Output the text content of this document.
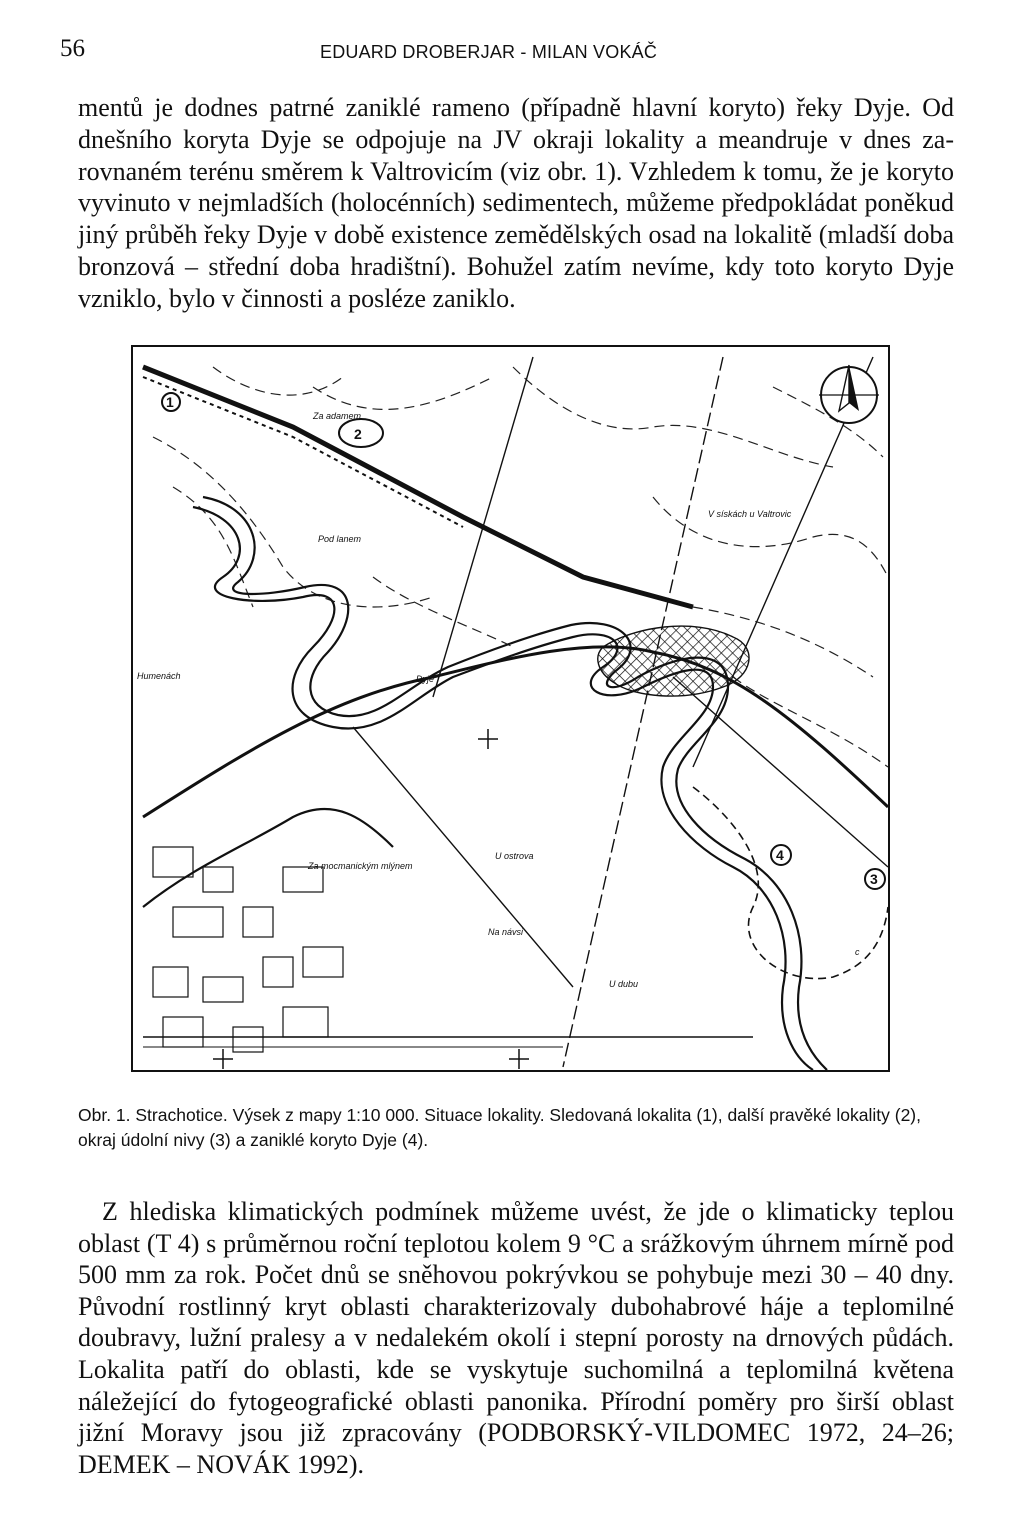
56	EDUARD DROBERJAR - MILAN VOKÁČ

mentů je dodnes patrné zaniklé rameno (případně hlavní koryto) řeky Dyje. Od dnešního koryta Dyje se odpojuje na JV okraji lokality a meandruje v dnes zarovnaném terénu směrem k Valtrovicím (viz obr. 1). Vzhledem k tomu, že je koryto vyvinuto v nejmladších (holocénních) sedimentech, můžeme předpokládat poněkud jiný průběh řeky Dyje v době existence zemědělských osad na lokalitě (mladší doba bronzová – střední doba hradištní). Bohužel zatím nevíme, kdy toto koryto Dyje vzniklo, bylo v činnosti a posléze zaniklo.

2
4
3
1
Pod lanem
V sískách u Valtrovic
Dyje
Humenách
Za mocmanickým mlýnem
U ostrova
Na návsi
U dubu
Za adamem
c

Obr. 1. Strachotice. Výsek z mapy 1:10 000. Situace lokality. Sledovaná lokalita (1), další pravěké lokality (2), okraj údolní nivy (3) a zaniklé koryto Dyje (4).

Z hlediska klimatických podmínek můžeme uvést, že jde o klimaticky teplou oblast (T 4) s průměrnou roční teplotou kolem 9 °C a srážkovým úhrnem mírně pod 500 mm za rok. Počet dnů se sněhovou pokrývkou se pohybuje mezi 30 – 40 dny. Původní rostlinný kryt oblasti charakterizovaly dubohabrové háje a teplomilné doubravy, lužní pralesy a v nedalekém okolí i stepní porosty na drnových půdách. Lokalita patří do oblasti, kde se vyskytuje suchomilná a teplomilná květena náležející do fytogeografické oblasti panonika. Přírodní poměry pro širší oblast jižní Moravy jsou již zpracovány (PODBORSKÝ-VILDOMEC 1972, 24–26; DEMEK – NOVÁK 1992).
